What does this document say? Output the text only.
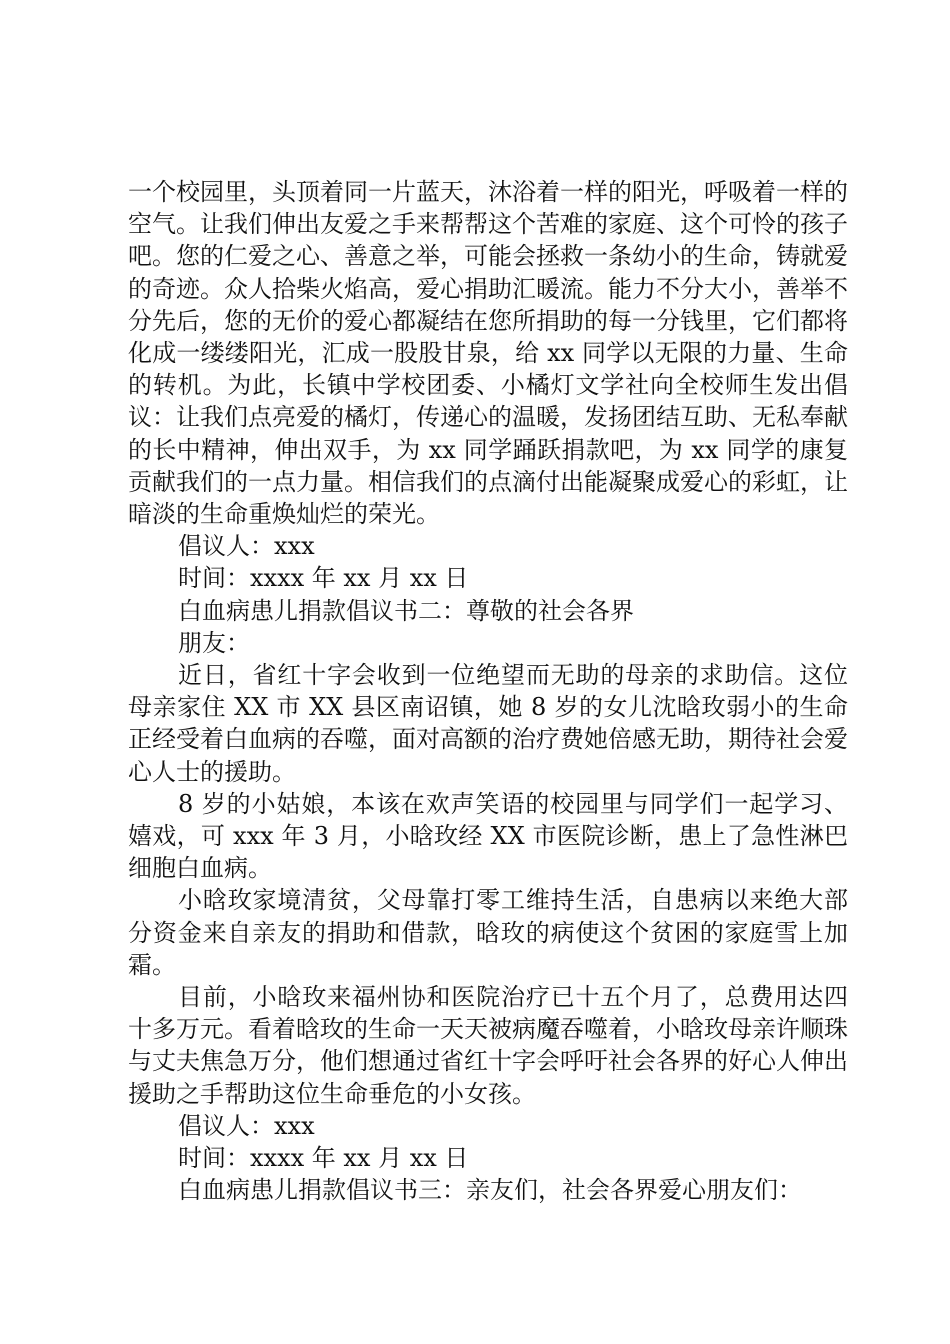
一个校园里，头顶着同一片蓝天，沐浴着一样的阳光，呼吸着一样的空气。让我们伸出友爱之手来帮帮这个苦难的家庭、这个可怜的孩子吧。您的仁爱之心、善意之举，可能会拯救一条幼小的生命，铸就爱的奇迹。众人拾柴火焰高，爱心捐助汇暖流。能力不分大小，善举不分先后，您的无价的爱心都凝结在您所捐助的每一分钱里，它们都将化成一缕缕阳光，汇成一股股甘泉，给 xx 同学以无限的力量、生命的转机。为此，长镇中学校团委、小橘灯文学社向全校师生发出倡议：让我们点亮爱的橘灯，传递心的温暖，发扬团结互助、无私奉献的长中精神，伸出双手，为 xx 同学踊跃捐款吧，为 xx 同学的康复贡献我们的一点力量。相信我们的点滴付出能凝聚成爱心的彩虹，让暗淡的生命重焕灿烂的荣光。

倡议人：xxx

时间：xxxx 年 xx 月 xx 日

白血病患儿捐款倡议书二：尊敬的社会各界

朋友：

近日，省红十字会收到一位绝望而无助的母亲的求助信。这位母亲家住 XX 市 XX 县区南诏镇，她 8 岁的女儿沈晗玫弱小的生命正经受着白血病的吞噬，面对高额的治疗费她倍感无助，期待社会爱心人士的援助。

8 岁的小姑娘，本该在欢声笑语的校园里与同学们一起学习、嬉戏，可 xxx 年 3 月，小晗玫经 XX 市医院诊断，患上了急性淋巴细胞白血病。

小晗玫家境清贫，父母靠打零工维持生活，自患病以来绝大部分资金来自亲友的捐助和借款，晗玫的病使这个贫困的家庭雪上加霜。

目前，小晗玫来福州协和医院治疗已十五个月了，总费用达四十多万元。看着晗玫的生命一天天被病魔吞噬着，小晗玫母亲许顺珠与丈夫焦急万分，他们想通过省红十字会呼吁社会各界的好心人伸出援助之手帮助这位生命垂危的小女孩。

倡议人：xxx

时间：xxxx 年 xx 月 xx 日

白血病患儿捐款倡议书三：亲友们，社会各界爱心朋友们：
